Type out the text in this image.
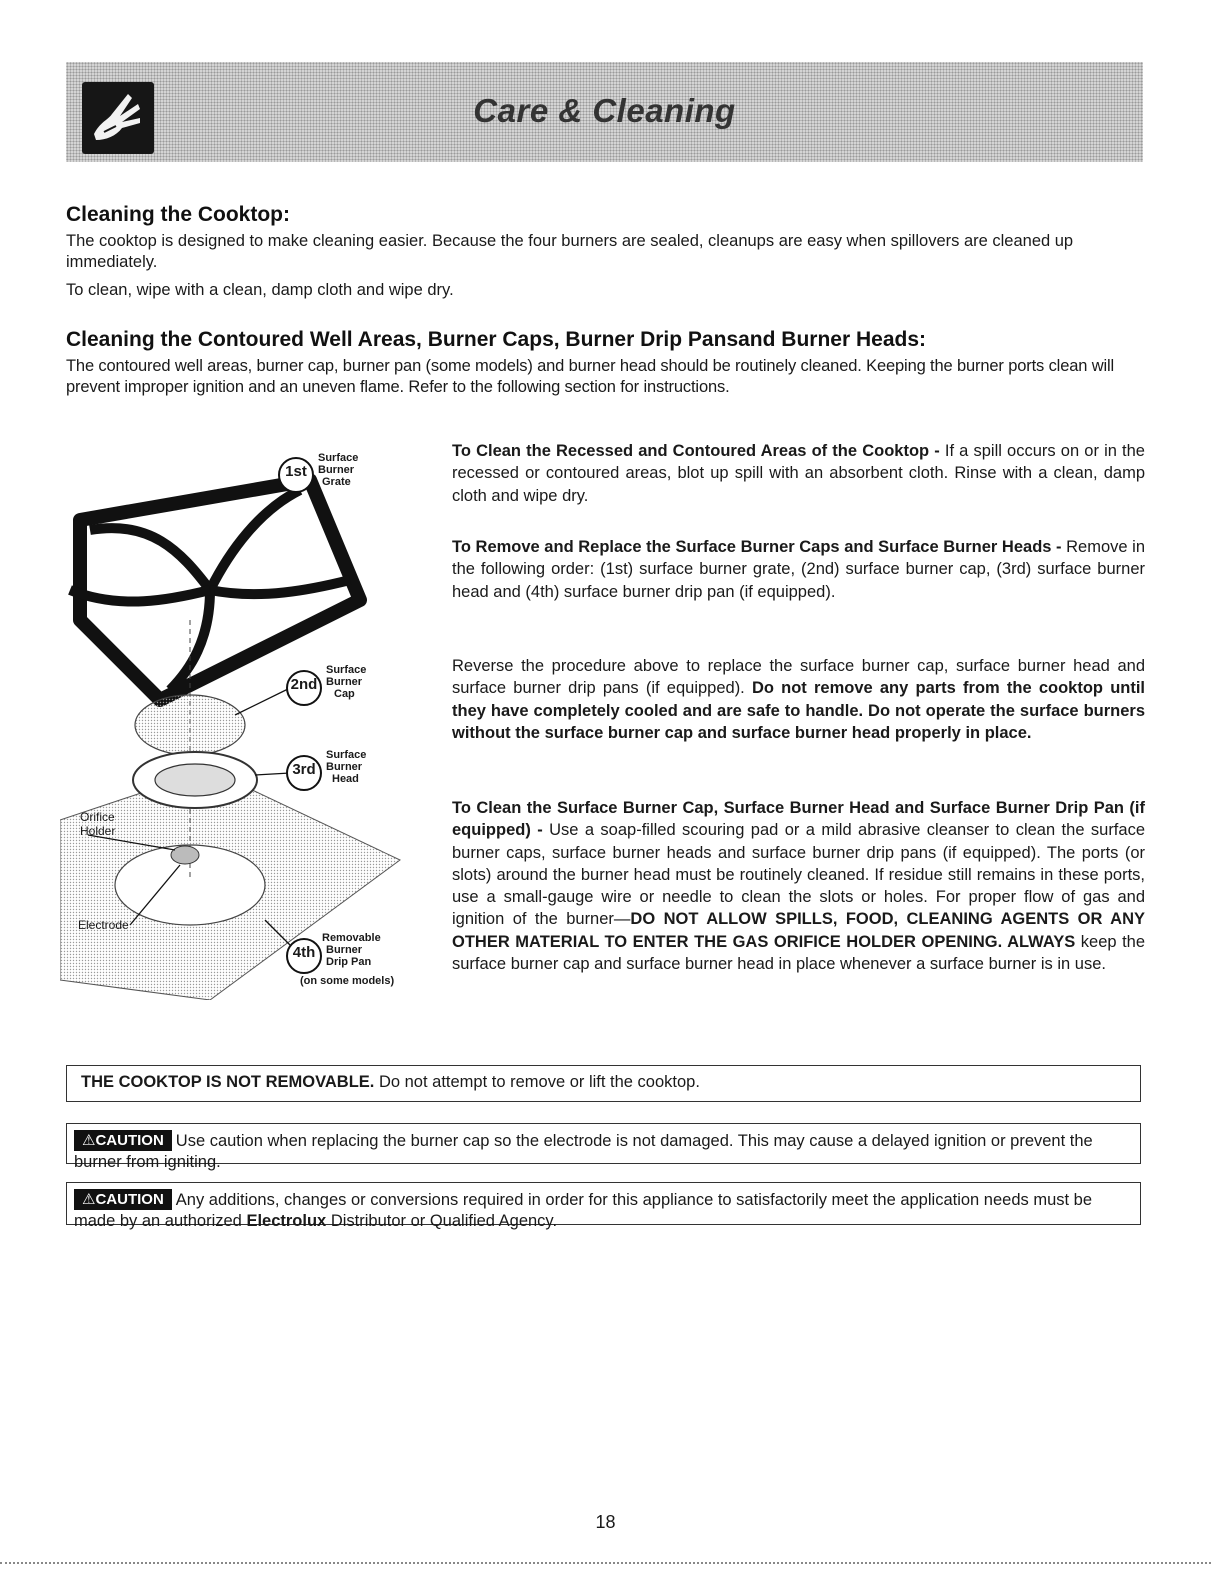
Care & Cleaning
Cleaning the Cooktop:

The cooktop is designed to make cleaning easier. Because the four burners are sealed, cleanups are easy when spillovers are cleaned up immediately.

To clean, wipe with a clean, damp cloth and wipe dry.

Cleaning the Contoured Well Areas, Burner Caps, Burner Drip Pansand Burner Heads:

The contoured well areas, burner cap, burner pan (some models) and burner head should be routinely cleaned. Keeping the burner ports clean will prevent improper ignition and an uneven flame. Refer to the following section for instructions.

1st
Surface
Burner
Grate
2nd
Surface
Burner
Cap
3rd
Surface
Burner
Head
4th
Removable
Burner
Drip Pan
(on some models)
Orifice Holder
Electrode

To Clean the Recessed and Contoured Areas of the Cooktop - If a spill occurs on or in the recessed or contoured areas, blot up spill with an absorbent cloth. Rinse with a clean, damp cloth and wipe dry.

To Remove and Replace the Surface Burner Caps and Surface Burner Heads - Remove in the following order: (1st) surface burner grate, (2nd) surface burner cap, (3rd) surface burner head and (4th) surface burner drip pan (if equipped).

Reverse the procedure above to replace the surface burner cap, surface burner head and surface burner drip pans (if equipped). Do not remove any parts from the cooktop until they have completely cooled and are safe to handle. Do not operate the surface burners without the surface burner cap and surface burner head properly in place.

To Clean the Surface Burner Cap, Surface Burner Head and Surface Burner Drip Pan (if equipped) - Use a soap-filled scouring pad or a mild abrasive cleanser to clean the surface burner caps, surface burner heads and surface burner drip pans (if equipped). The ports (or slots) around the burner head must be routinely cleaned. If residue still remains in these ports, use a small-gauge wire or needle to clean the slots or holes. For proper flow of gas and ignition of the burner—DO NOT ALLOW SPILLS, FOOD, CLEANING AGENTS OR ANY OTHER MATERIAL TO ENTER THE GAS ORIFICE HOLDER OPENING. ALWAYS keep the surface burner cap and surface burner head in place whenever a surface burner is in use.

THE COOKTOP IS NOT REMOVABLE. Do not attempt to remove or lift the cooktop.
⚠CAUTION Use caution when replacing the burner cap so the electrode is not damaged. This may cause a delayed ignition or prevent the burner from igniting.
⚠CAUTION Any additions, changes or conversions required in order for this appliance to satisfactorily meet the application needs must be made by an authorized Electrolux Distributor or Qualified Agency.
18
